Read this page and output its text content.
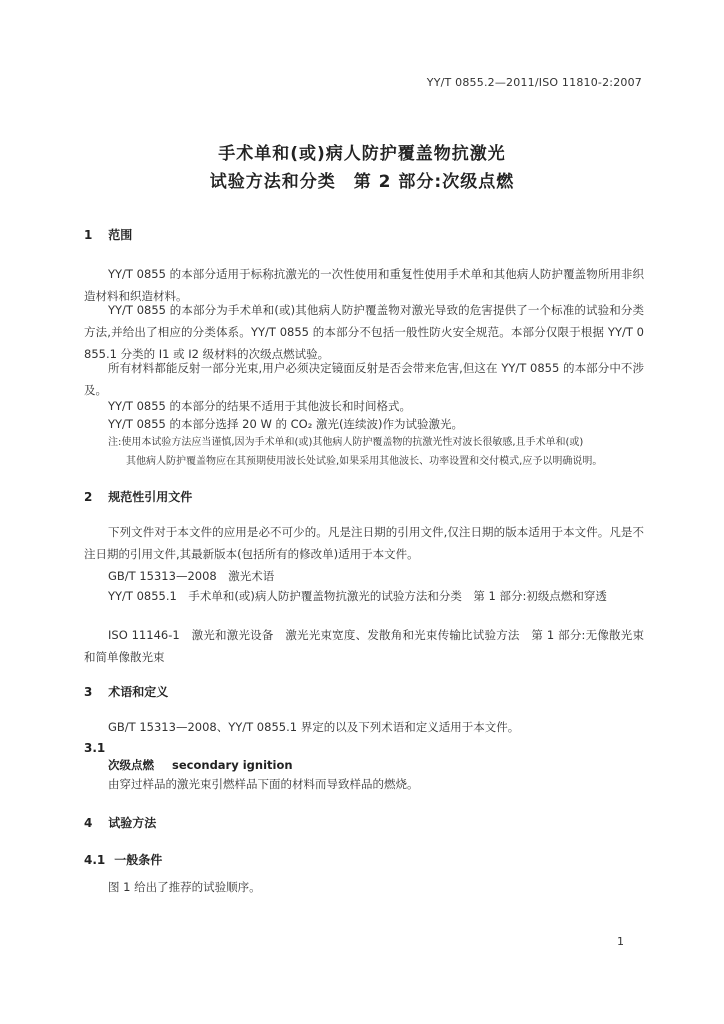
YY/T 0855.2—2011/ISO 11810-2:2007
手术单和(或)病人防护覆盖物抗激光
试验方法和分类　第 2 部分:次级点燃
1 范围
YY/T 0855 的本部分适用于标称抗激光的一次性使用和重复性使用手术单和其他病人防护覆盖物所用非织造材料和织造材料。
YY/T 0855 的本部分为手术单和(或)其他病人防护覆盖物对激光导致的危害提供了一个标准的试验和分类方法,并给出了相应的分类体系。YY/T 0855 的本部分不包括一般性防火安全规范。本部分仅限于根据 YY/T 0855.1 分类的 I1 或 I2 级材料的次级点燃试验。
所有材料都能反射一部分光束,用户必须决定镜面反射是否会带来危害,但这在 YY/T 0855 的本部分中不涉及。
YY/T 0855 的本部分的结果不适用于其他波长和时间格式。
YY/T 0855 的本部分选择 20 W 的 CO₂ 激光(连续波)作为试验激光。
注:使用本试验方法应当谨慎,因为手术单和(或)其他病人防护覆盖物的抗激光性对波长很敏感,且手术单和(或)
其他病人防护覆盖物应在其预期使用波长处试验,如果采用其他波长、功率设置和交付模式,应予以明确说明。
2 规范性引用文件
下列文件对于本文件的应用是必不可少的。凡是注日期的引用文件,仅注日期的版本适用于本文件。凡是不注日期的引用文件,其最新版本(包括所有的修改单)适用于本文件。
GB/T 15313—2008　激光术语
YY/T 0855.1　手术单和(或)病人防护覆盖物抗激光的试验方法和分类　第 1 部分:初级点燃和穿透
ISO 11146-1　激光和激光设备　激光光束宽度、发散角和光束传输比试验方法　第 1 部分:无像散光束和简单像散光束
3 术语和定义
GB/T 15313—2008、YY/T 0855.1 界定的以及下列术语和定义适用于本文件。
3.1
次级点燃 secondary ignition
由穿过样品的激光束引燃样品下面的材料而导致样品的燃烧。
4 试验方法
4.1 一般条件
图 1 给出了推荐的试验顺序。
1
